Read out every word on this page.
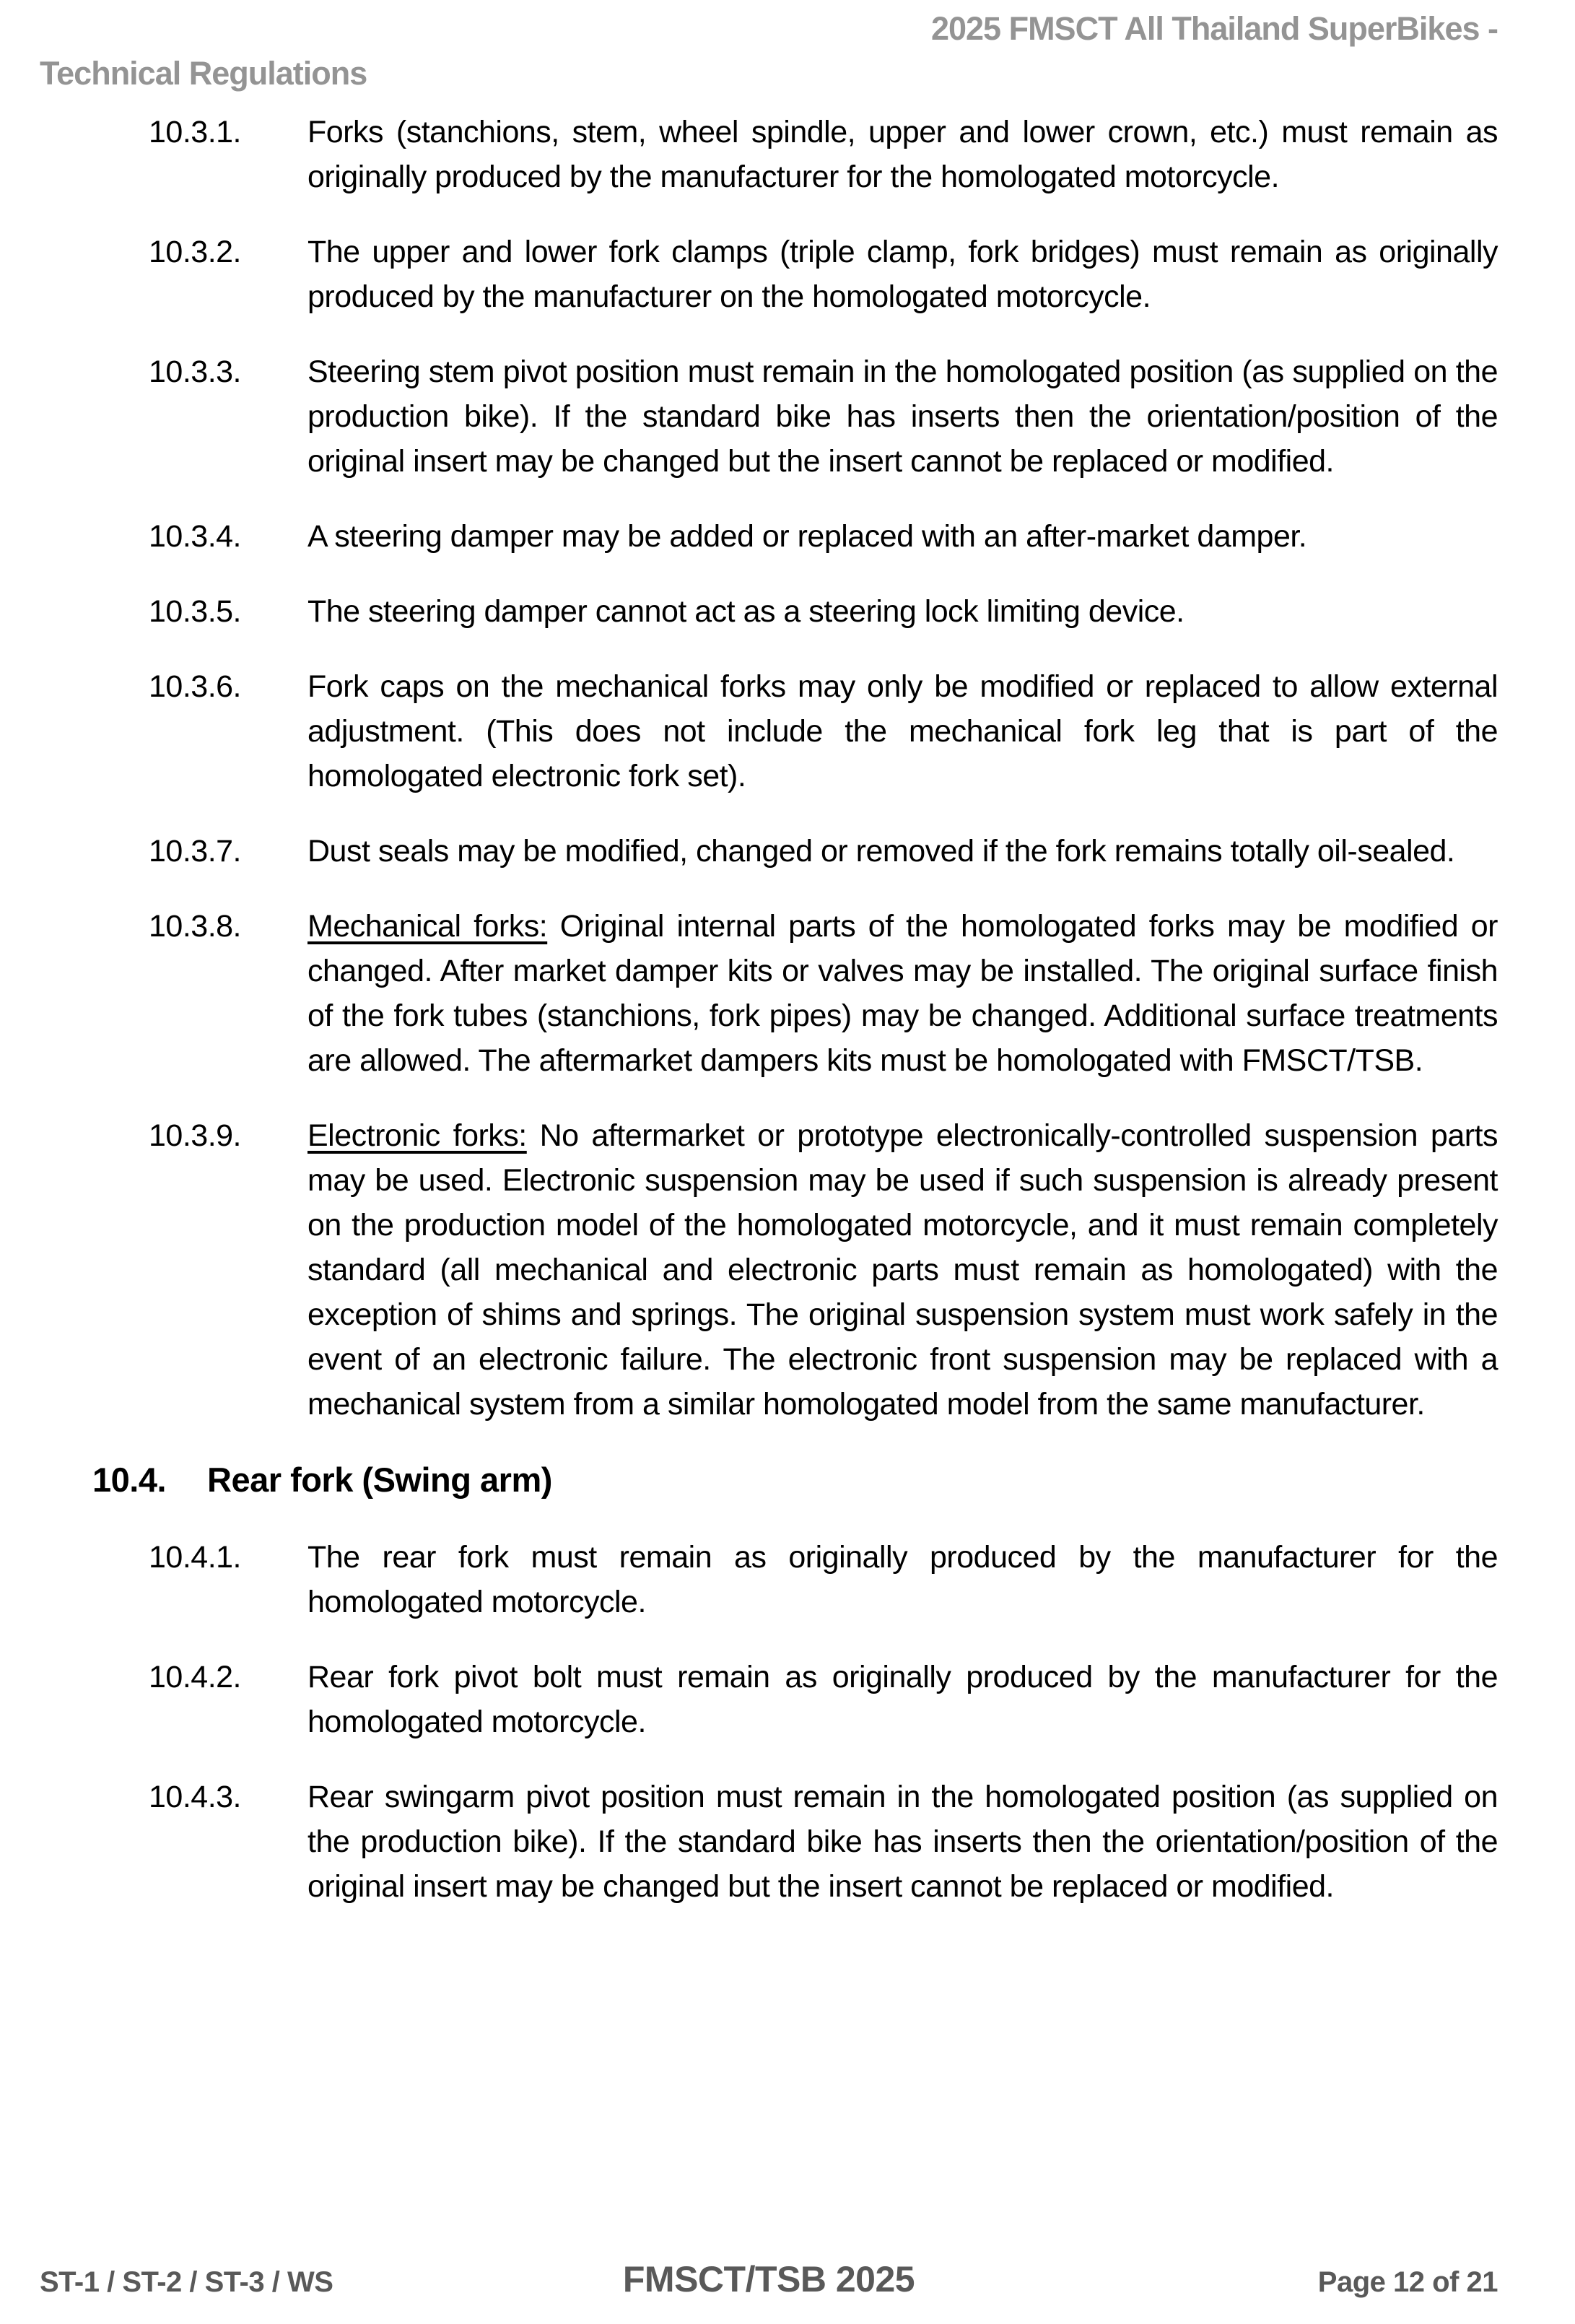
2025 FMSCT All Thailand SuperBikes -
Technical Regulations
10.3.1.	Forks (stanchions, stem, wheel spindle, upper and lower crown, etc.) must remain as originally produced by the manufacturer for the homologated motorcycle.
10.3.2.	The upper and lower fork clamps (triple clamp, fork bridges) must remain as originally produced by the manufacturer on the homologated motorcycle.
10.3.3.	Steering stem pivot position must remain in the homologated position (as supplied on the production bike). If the standard bike has inserts then the orientation/position of the original insert may be changed but the insert cannot be replaced or modified.
10.3.4.	A steering damper may be added or replaced with an after-market damper.
10.3.5.	The steering damper cannot act as a steering lock limiting device.
10.3.6.	Fork caps on the mechanical forks may only be modified or replaced to allow external adjustment. (This does not include the mechanical fork leg that is part of the homologated electronic fork set).
10.3.7.	Dust seals may be modified, changed or removed if the fork remains totally oil-sealed.
10.3.8.	Mechanical forks: Original internal parts of the homologated forks may be modified or changed. After market damper kits or valves may be installed. The original surface finish of the fork tubes (stanchions, fork pipes) may be changed. Additional surface treatments are allowed. The aftermarket dampers kits must be homologated with FMSCT/TSB.
10.3.9.	Electronic forks: No aftermarket or prototype electronically-controlled suspension parts may be used. Electronic suspension may be used if such suspension is already present on the production model of the homologated motorcycle, and it must remain completely standard (all mechanical and electronic parts must remain as homologated) with the exception of shims and springs. The original suspension system must work safely in the event of an electronic failure. The electronic front suspension may be replaced with a mechanical system from a similar homologated model from the same manufacturer.
10.4.	Rear fork (Swing arm)
10.4.1.	The rear fork must remain as originally produced by the manufacturer for the homologated motorcycle.
10.4.2.	Rear fork pivot bolt must remain as originally produced by the manufacturer for the homologated motorcycle.
10.4.3.	Rear swingarm pivot position must remain in the homologated position (as supplied on the production bike). If the standard bike has inserts then the orientation/position of the original insert may be changed but the insert cannot be replaced or modified.
ST-1 / ST-2 / ST-3 / WS	FMSCT/TSB 2025	Page 12 of 21
